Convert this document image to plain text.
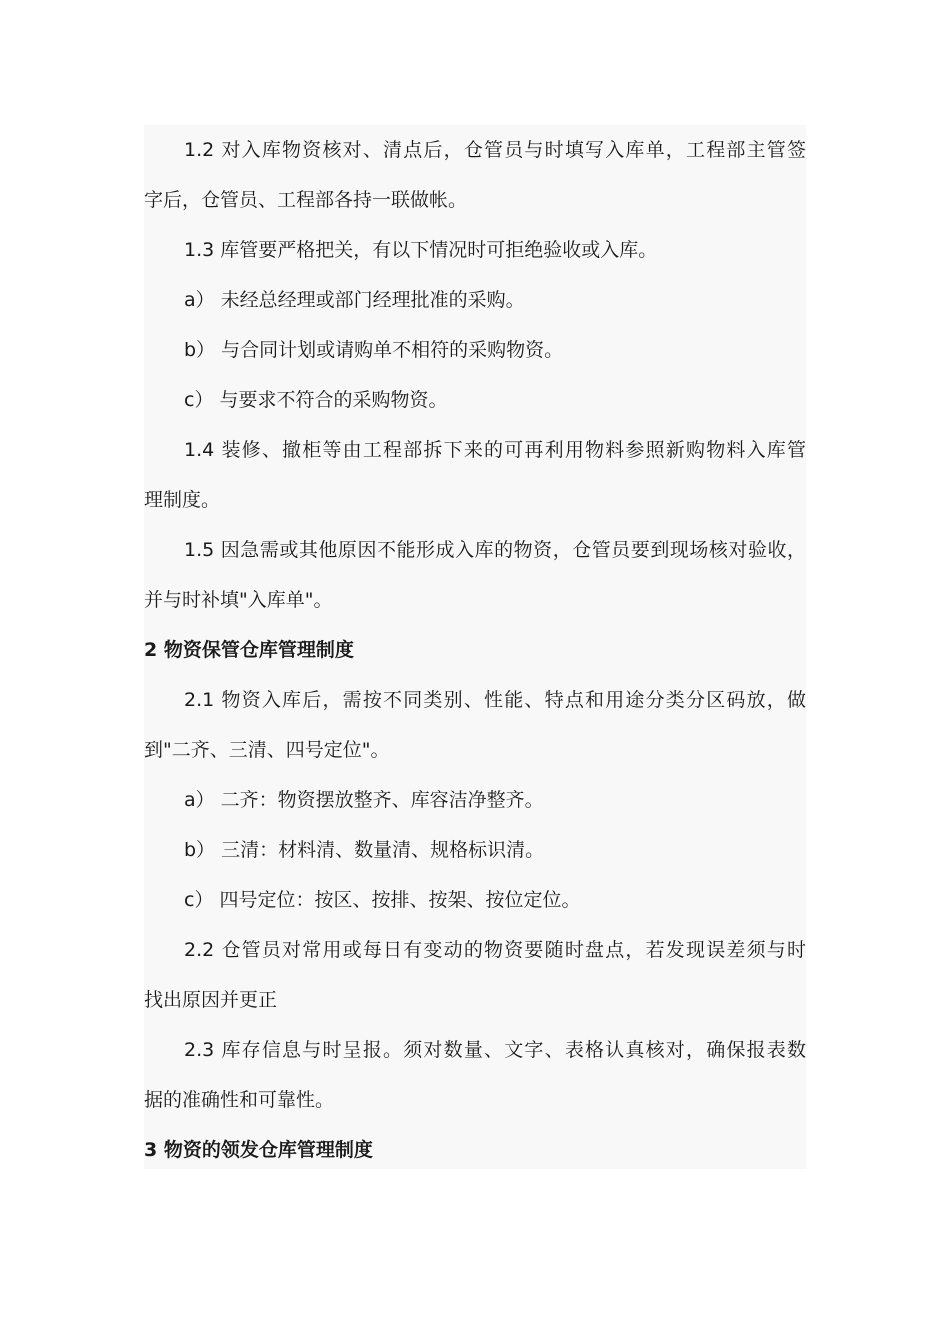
1.2 对入库物资核对、清点后，仓管员与时填写入库单，工程部主管签
字后，仓管员、工程部各持一联做帐。
1.3 库管要严格把关，有以下情况时可拒绝验收或入库。
a） 未经总经理或部门经理批准的采购。
b） 与合同计划或请购单不相符的采购物资。
c） 与要求不符合的采购物资。
1.4 装修、撤柜等由工程部拆下来的可再利用物料参照新购物料入库管
理制度。
1.5 因急需或其他原因不能形成入库的物资，仓管员要到现场核对验收，
并与时补填"入库单"。
2 物资保管仓库管理制度
2.1 物资入库后，需按不同类别、性能、特点和用途分类分区码放，做
到"二齐、三清、四号定位"。
a） 二齐：物资摆放整齐、库容洁净整齐。
b） 三清：材料清、数量清、规格标识清。
c） 四号定位：按区、按排、按架、按位定位。
2.2 仓管员对常用或每日有变动的物资要随时盘点，若发现误差须与时
找出原因并更正
2.3 库存信息与时呈报。须对数量、文字、表格认真核对，确保报表数
据的准确性和可靠性。
3 物资的领发仓库管理制度
